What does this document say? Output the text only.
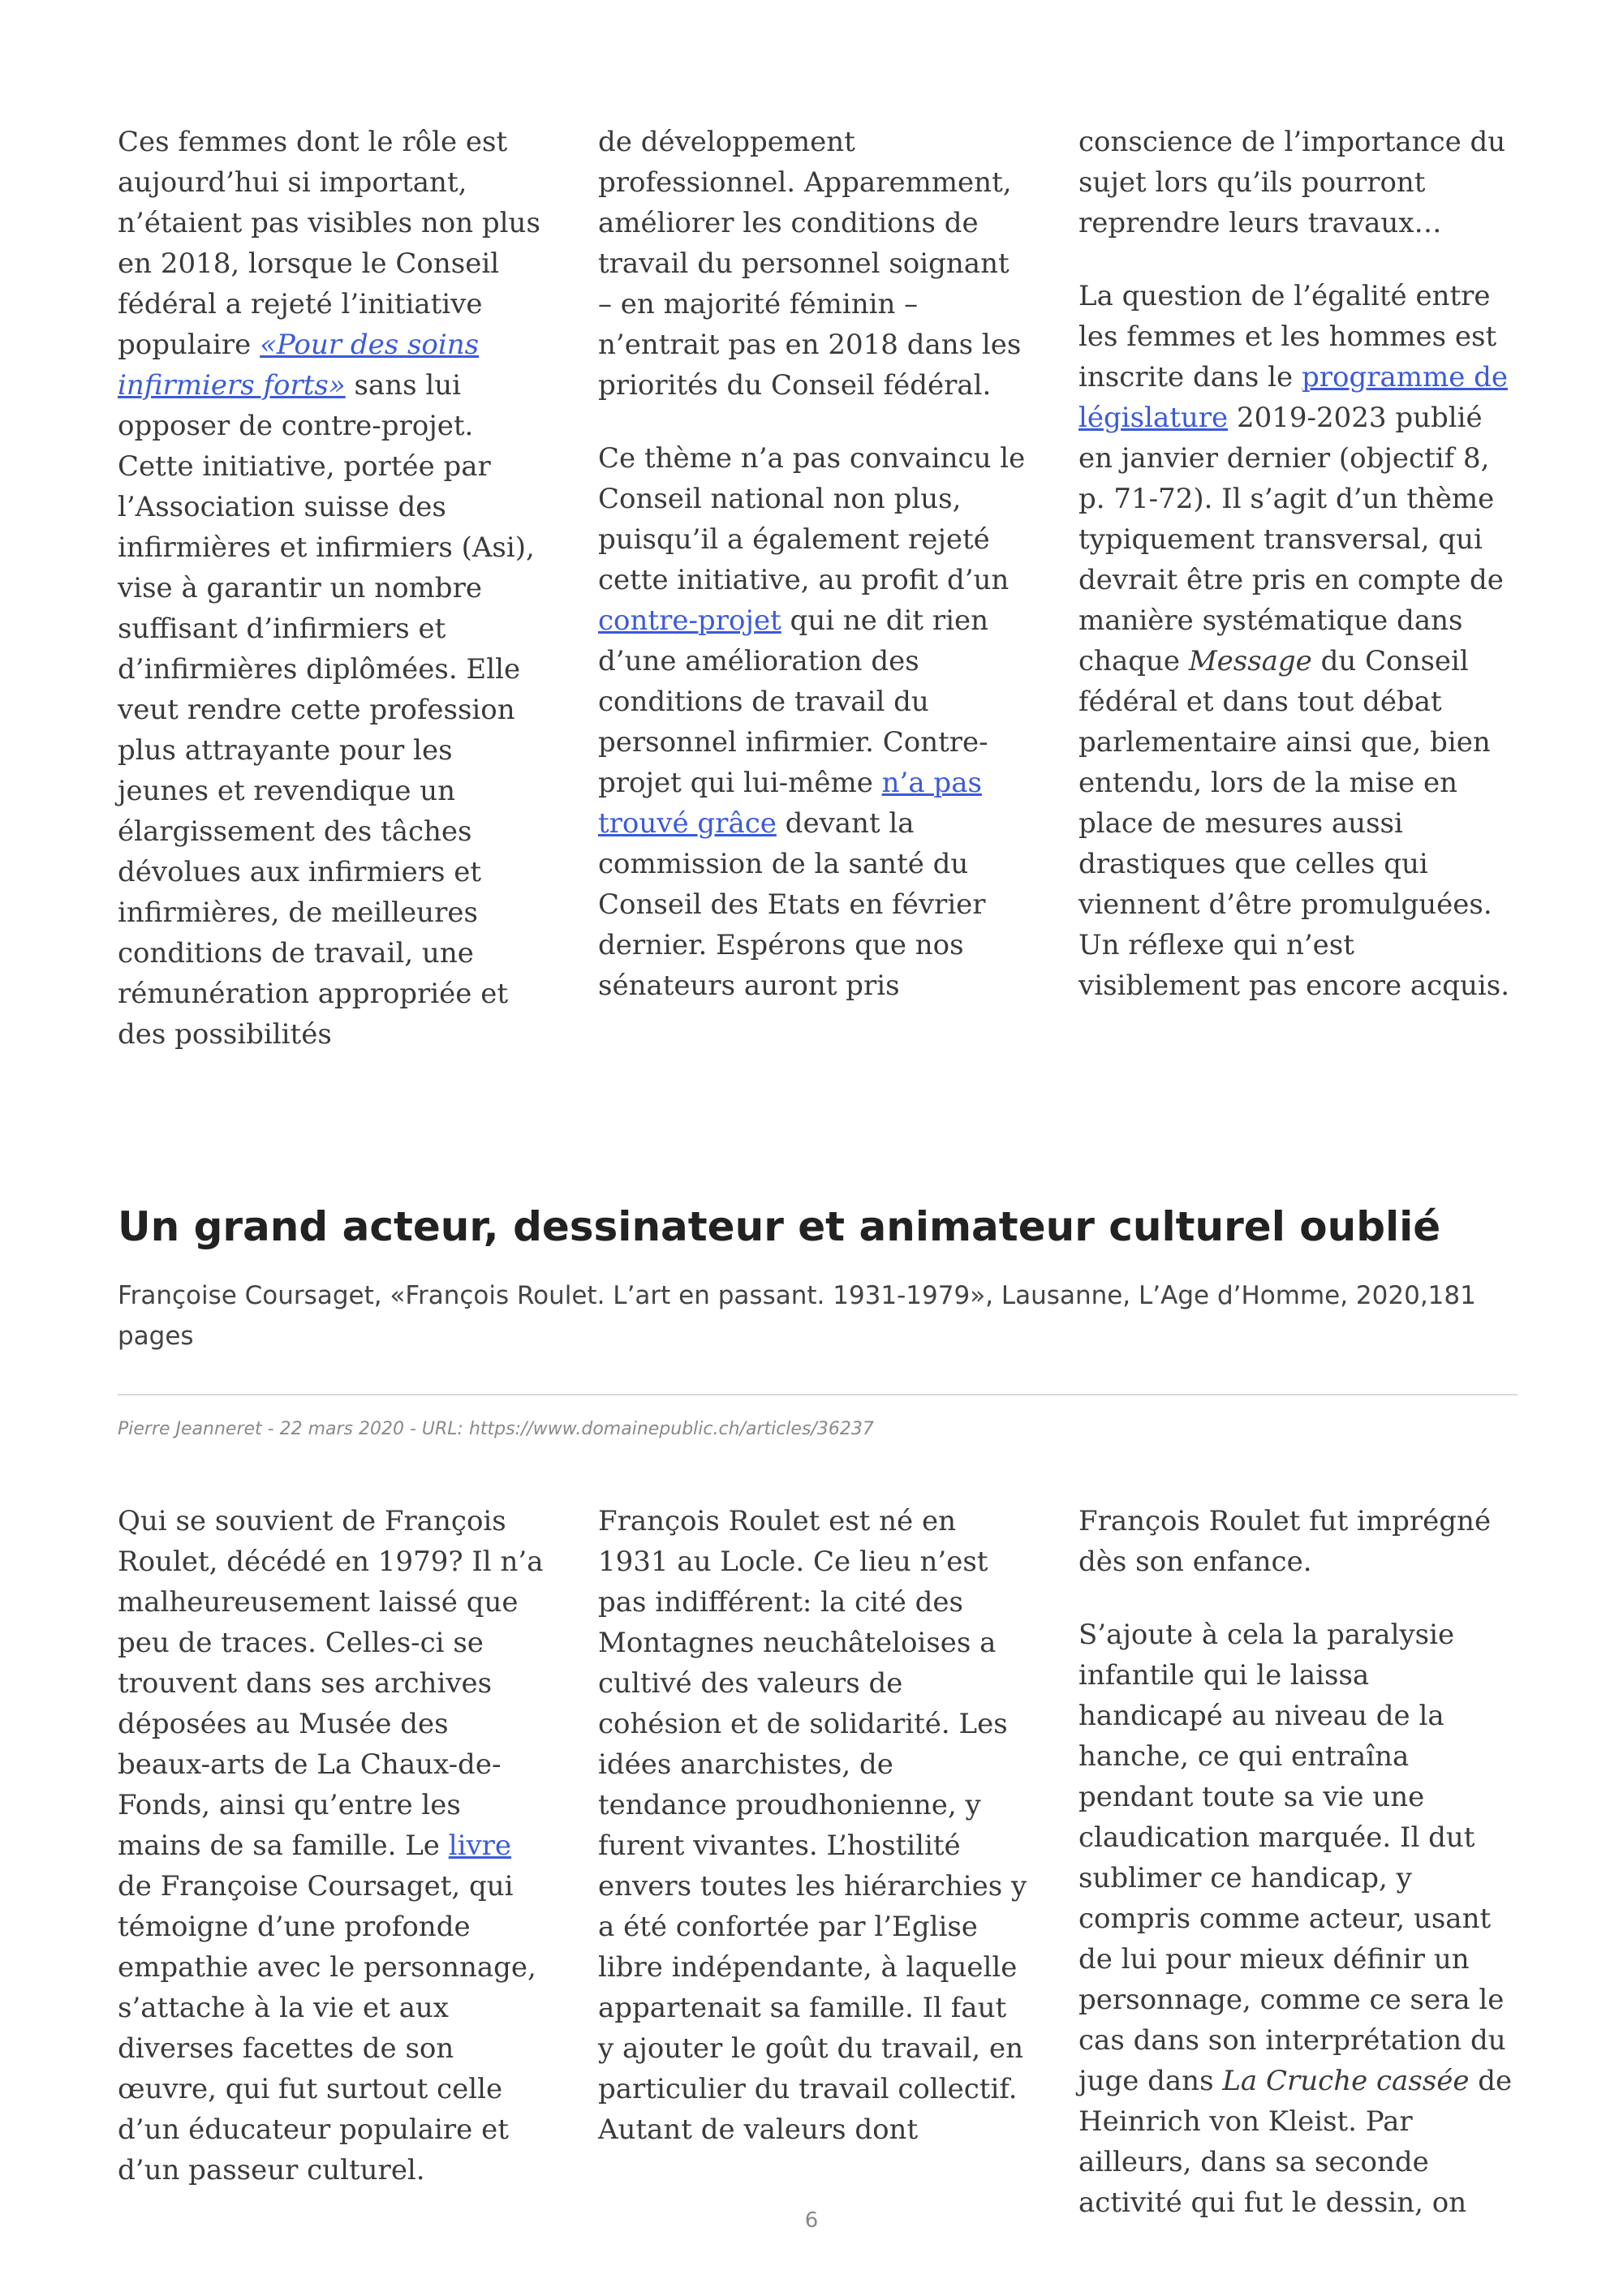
Ces femmes dont le rôle est aujourd’hui si important, n’étaient pas visibles non plus en 2018, lorsque le Conseil fédéral a rejeté l’initiative populaire «Pour des soins infirmiers forts» sans lui opposer de contre-projet. Cette initiative, portée par l’Association suisse des infirmières et infirmiers (Asi), vise à garantir un nombre suffisant d’infirmiers et d’infirmières diplômées. Elle veut rendre cette profession plus attrayante pour les jeunes et revendique un élargissement des tâches dévolues aux infirmiers et infirmières, de meilleures conditions de travail, une rémunération appropriée et des possibilités

de développement professionnel. Apparemment, améliorer les conditions de travail du personnel soignant – en majorité féminin – n’entrait pas en 2018 dans les priorités du Conseil fédéral.

Ce thème n’a pas convaincu le Conseil national non plus, puisqu’il a également rejeté cette initiative, au profit d’un contre-projet qui ne dit rien d’une amélioration des conditions de travail du personnel infirmier. Contre-projet qui lui-même n’a pas trouvé grâce devant la commission de la santé du Conseil des Etats en février dernier. Espérons que nos sénateurs auront pris

conscience de l’importance du sujet lors qu’ils pourront reprendre leurs travaux…

La question de l’égalité entre les femmes et les hommes est inscrite dans le programme de législature 2019-2023 publié en janvier dernier (objectif 8, p. 71-72). Il s’agit d’un thème typiquement transversal, qui devrait être pris en compte de manière systématique dans chaque Message du Conseil fédéral et dans tout débat parlementaire ainsi que, bien entendu, lors de la mise en place de mesures aussi drastiques que celles qui viennent d’être promulguées. Un réflexe qui n’est visiblement pas encore acquis.

Un grand acteur, dessinateur et animateur culturel oublié
Françoise Coursaget, «François Roulet. L’art en passant. 1931-1979», Lausanne, L’Age d’Homme, 2020,181 pages
Pierre Jeanneret - 22 mars 2020 - URL: https://www.domainepublic.ch/articles/36237

Qui se souvient de François Roulet, décédé en 1979? Il n’a malheureusement laissé que peu de traces. Celles-ci se trouvent dans ses archives déposées au Musée des beaux-arts de La Chaux-de-Fonds, ainsi qu’entre les mains de sa famille. Le livre de Françoise Coursaget, qui témoigne d’une profonde empathie avec le personnage, s’attache à la vie et aux diverses facettes de son œuvre, qui fut surtout celle d’un éducateur populaire et d’un passeur culturel.

François Roulet est né en 1931 au Locle. Ce lieu n’est pas indifférent: la cité des Montagnes neuchâteloises a cultivé des valeurs de cohésion et de solidarité. Les idées anarchistes, de tendance proudhonienne, y furent vivantes. L’hostilité envers toutes les hiérarchies y a été confortée par l’Eglise libre indépendante, à laquelle appartenait sa famille. Il faut y ajouter le goût du travail, en particulier du travail collectif. Autant de valeurs dont

François Roulet fut imprégné dès son enfance.

S’ajoute à cela la paralysie infantile qui le laissa handicapé au niveau de la hanche, ce qui entraîna pendant toute sa vie une claudication marquée. Il dut sublimer ce handicap, y compris comme acteur, usant de lui pour mieux définir un personnage, comme ce sera le cas dans son interprétation du juge dans La Cruche cassée de Heinrich von Kleist. Par ailleurs, dans sa seconde activité qui fut le dessin, on

6
